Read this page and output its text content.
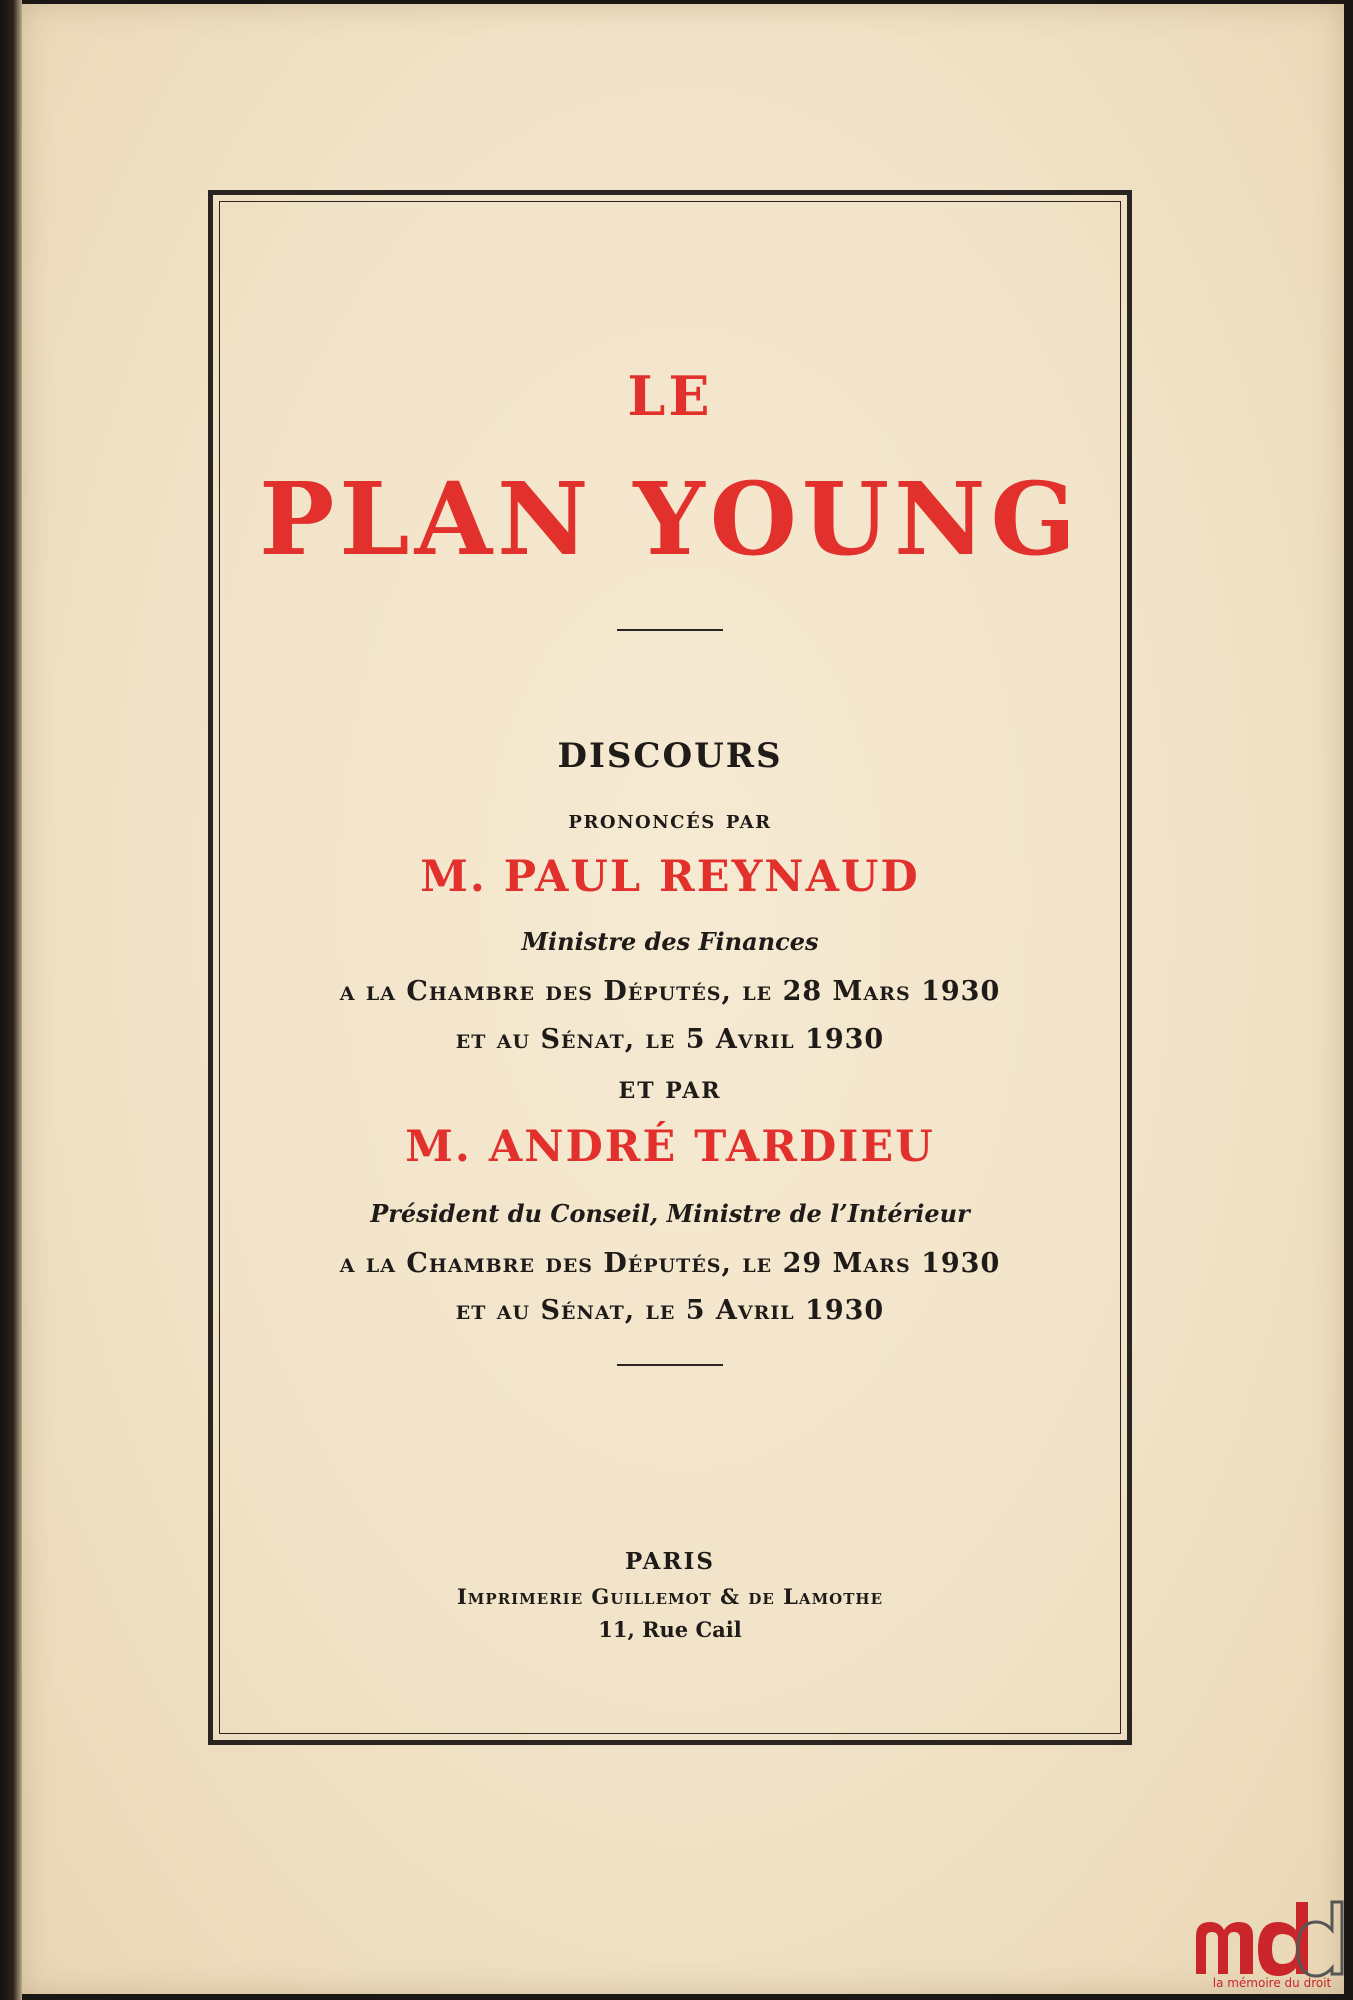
LE
PLAN YOUNG
DISCOURS
prononcés par
M. PAUL REYNAUD
Ministre des Finances
a la Chambre des Députés, le 28 Mars 1930
et au Sénat, le 5 Avril 1930
ET PAR
M. ANDRÉ TARDIEU
Président du Conseil, Ministre de l’Intérieur
a la Chambre des Députés, le 29 Mars 1930
et au Sénat, le 5 Avril 1930
PARIS
Imprimerie Guillemot & de Lamothe
11, Rue Cail
la mémoire du droit
